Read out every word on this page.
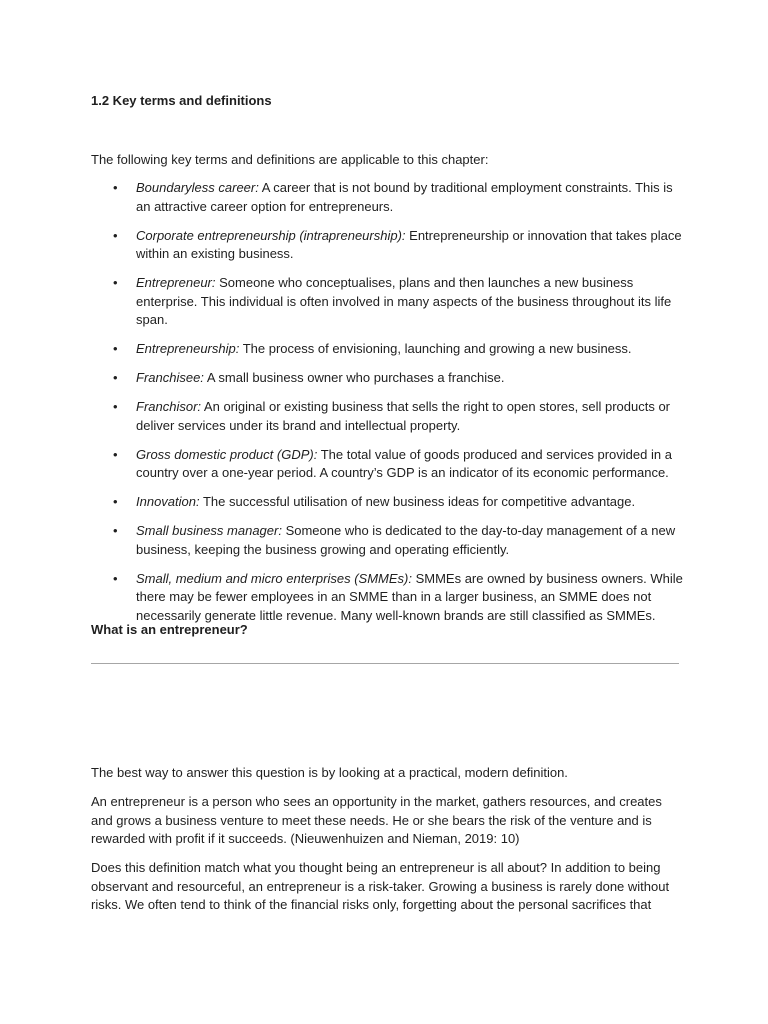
1.2 Key terms and definitions
The following key terms and definitions are applicable to this chapter:
• Boundaryless career: A career that is not bound by traditional employment constraints. This is an attractive career option for entrepreneurs.
• Corporate entrepreneurship (intrapreneurship): Entrepreneurship or innovation that takes place within an existing business.
• Entrepreneur: Someone who conceptualises, plans and then launches a new business enterprise. This individual is often involved in many aspects of the business throughout its life span.
• Entrepreneurship: The process of envisioning, launching and growing a new business.
• Franchisee: A small business owner who purchases a franchise.
• Franchisor: An original or existing business that sells the right to open stores, sell products or deliver services under its brand and intellectual property.
• Gross domestic product (GDP): The total value of goods produced and services provided in a country over a one-year period. A country’s GDP is an indicator of its economic performance.
• Innovation: The successful utilisation of new business ideas for competitive advantage.
• Small business manager: Someone who is dedicated to the day-to-day management of a new business, keeping the business growing and operating efficiently.
• Small, medium and micro enterprises (SMMEs): SMMEs are owned by business owners. While there may be fewer employees in an SMME than in a larger business, an SMME does not necessarily generate little revenue. Many well-known brands are still classified as SMMEs.
What is an entrepreneur?

The best way to answer this question is by looking at a practical, modern definition.

An entrepreneur is a person who sees an opportunity in the market, gathers resources, and creates and grows a business venture to meet these needs. He or she bears the risk of the venture and is rewarded with profit if it succeeds. (Nieuwenhuizen and Nieman, 2019: 10)

Does this definition match what you thought being an entrepreneur is all about? In addition to being observant and resourceful, an entrepreneur is a risk-taker. Growing a business is rarely done without risks. We often tend to think of the financial risks only, forgetting about the personal sacrifices that
